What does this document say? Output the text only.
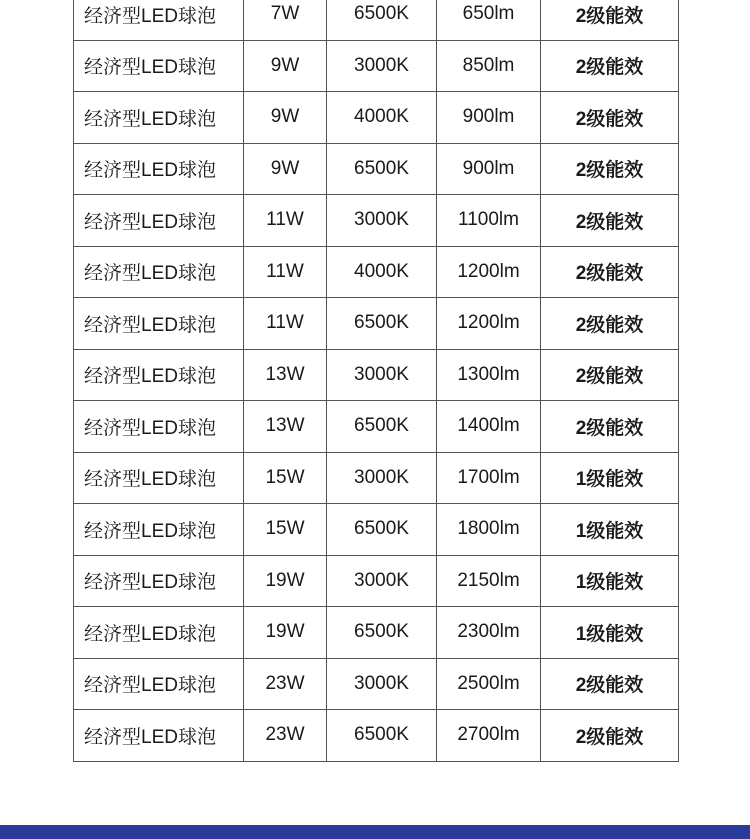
经济型LED球泡	7W	6500K	650lm	2级能效
经济型LED球泡	9W	3000K	850lm	2级能效
经济型LED球泡	9W	4000K	900lm	2级能效
经济型LED球泡	9W	6500K	900lm	2级能效
经济型LED球泡	11W	3000K	1100lm	2级能效
经济型LED球泡	11W	4000K	1200lm	2级能效
经济型LED球泡	11W	6500K	1200lm	2级能效
经济型LED球泡	13W	3000K	1300lm	2级能效
经济型LED球泡	13W	6500K	1400lm	2级能效
经济型LED球泡	15W	3000K	1700lm	1级能效
经济型LED球泡	15W	6500K	1800lm	1级能效
经济型LED球泡	19W	3000K	2150lm	1级能效
经济型LED球泡	19W	6500K	2300lm	1级能效
经济型LED球泡	23W	3000K	2500lm	2级能效
经济型LED球泡	23W	6500K	2700lm	2级能效
